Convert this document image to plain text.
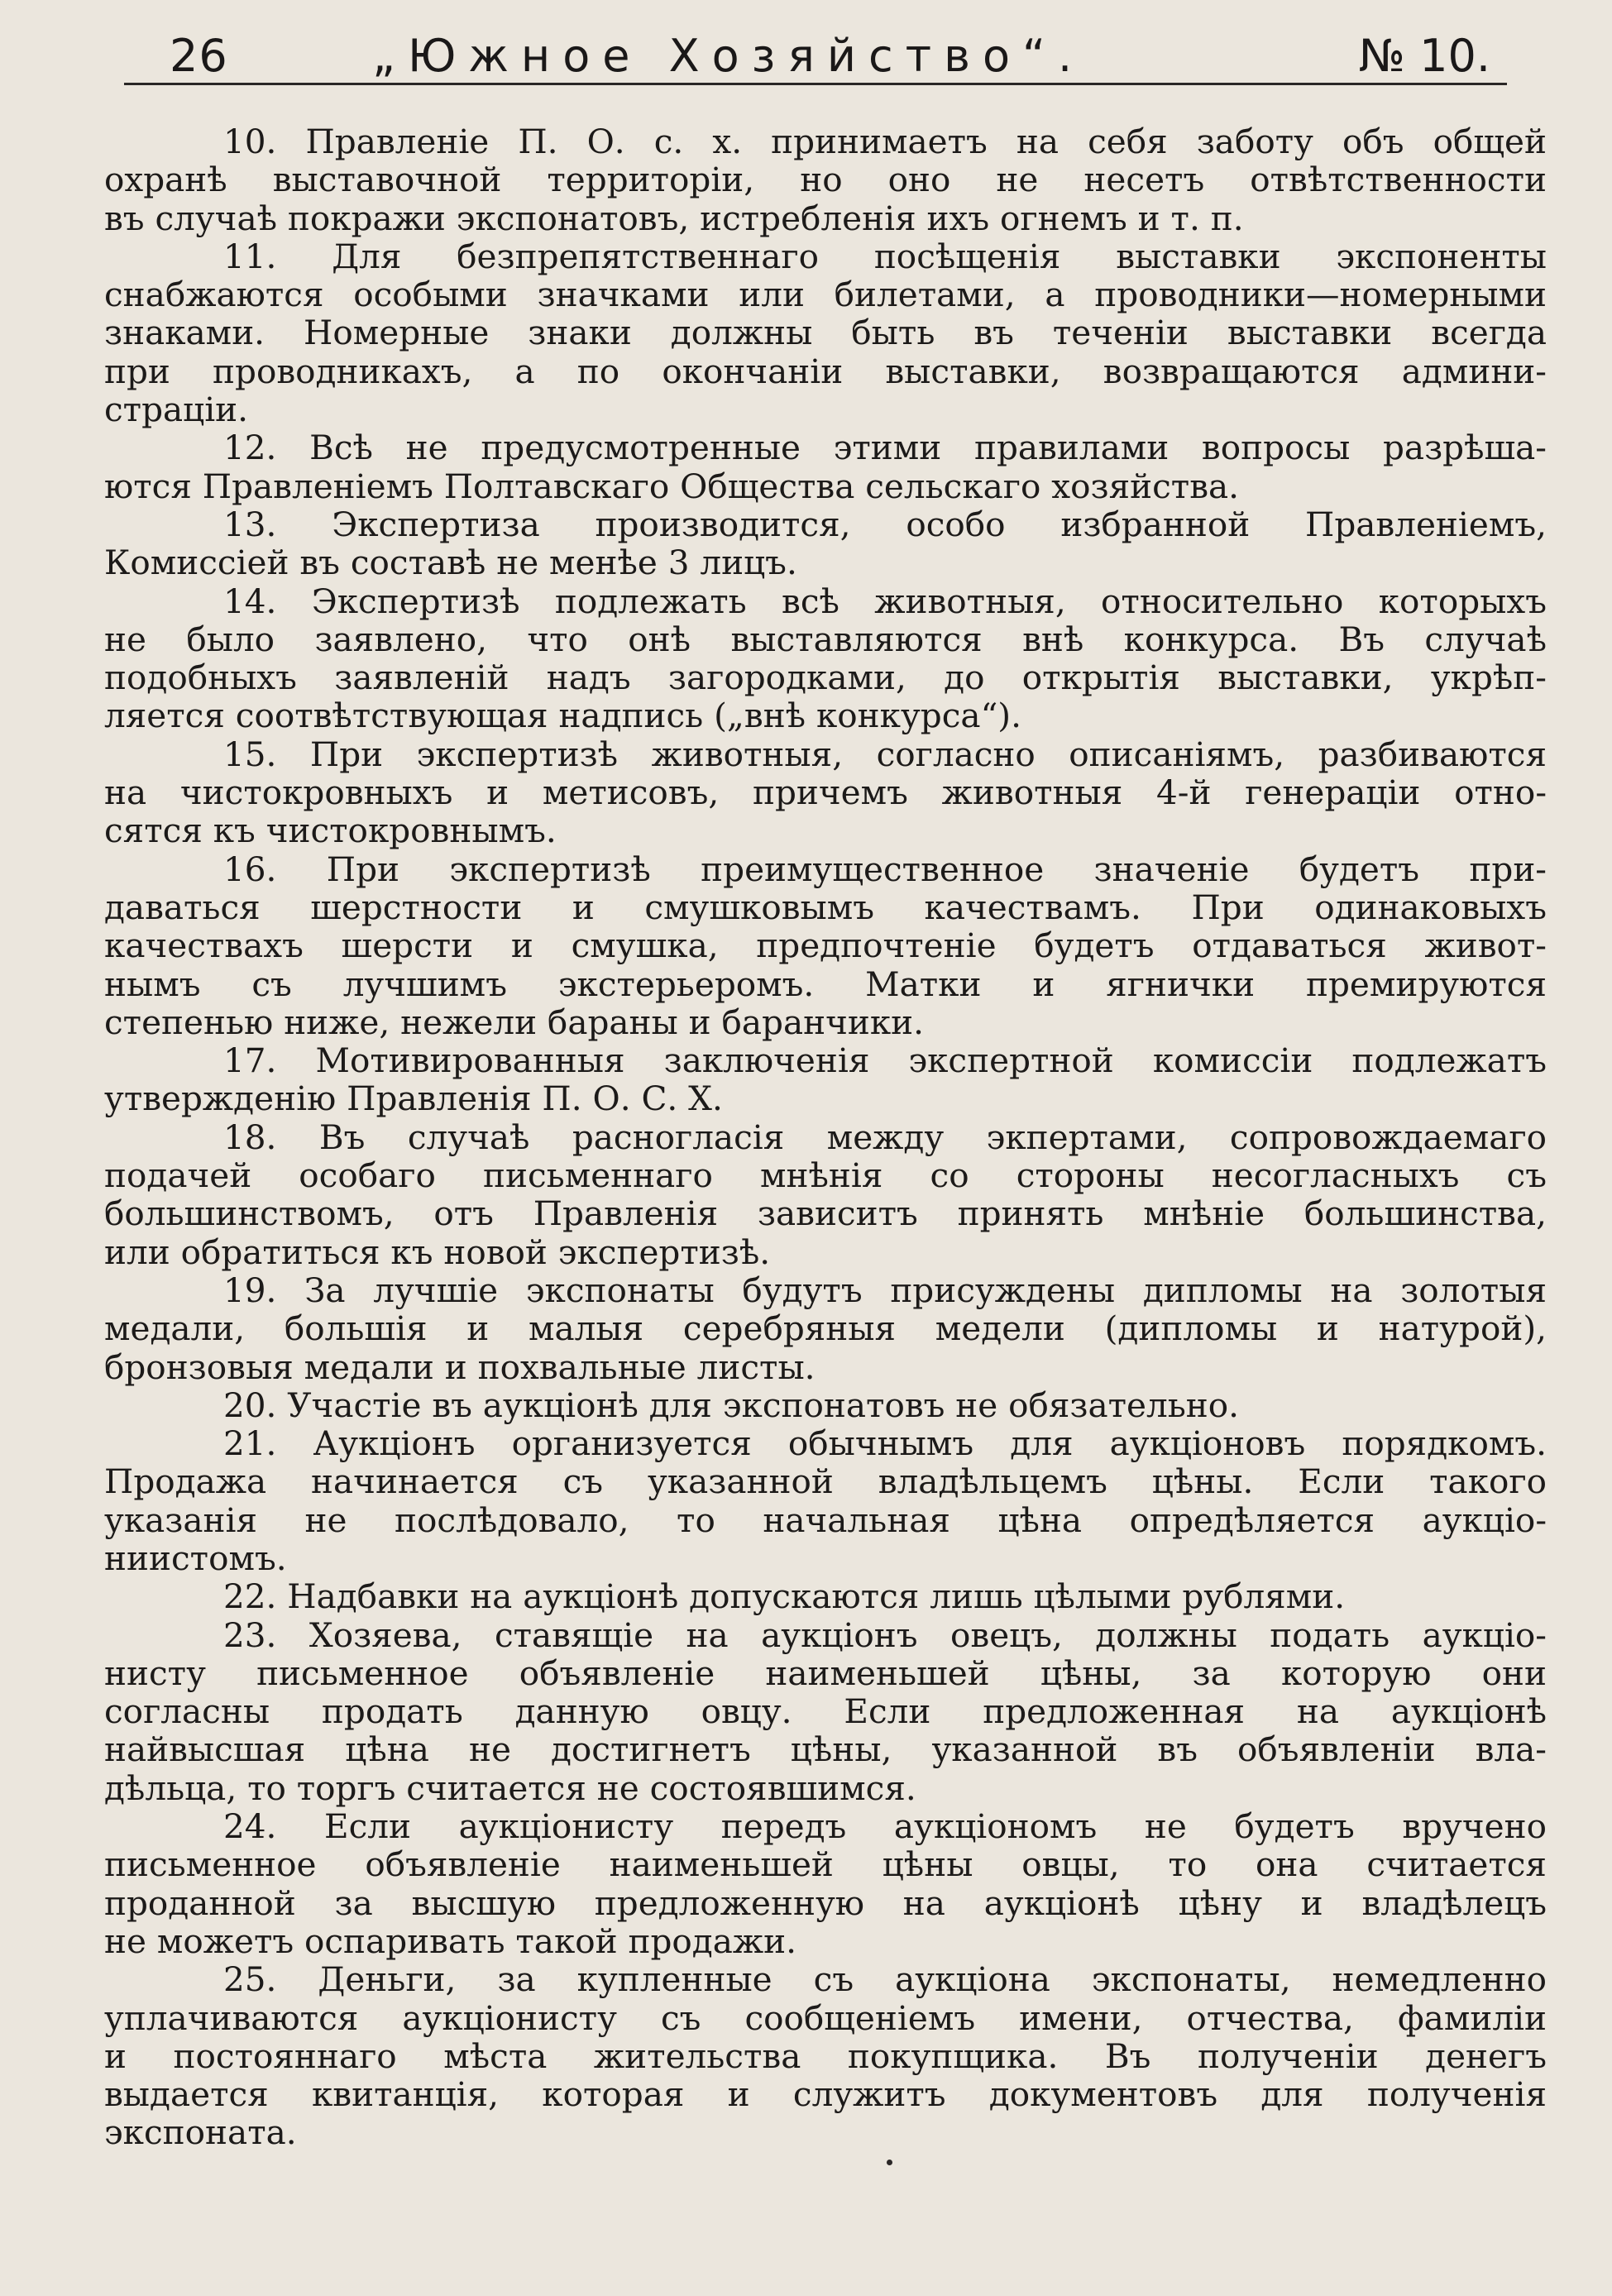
26	„Южное Хозяйство“.	№ 10.
10. Правленіе П. О. с. х. принимаетъ на себя заботу объ общей
охранѣ выставочной территоріи, но оно не несетъ отвѣтственности
въ случаѣ покражи экспонатовъ, истребленія ихъ огнемъ и т. п.
11. Для безпрепятственнаго посѣщенія выставки экспоненты
снабжаются особыми значками или билетами, а проводники—номерными
знаками. Номерные знаки должны быть въ теченіи выставки всегда
при проводникахъ, а по окончаніи выставки, возвращаются админи-
страціи.
12. Всѣ не предусмотренные этими правилами вопросы разрѣша-
ются Правленіемъ Полтавскаго Общества сельскаго хозяйства.
13. Экспертиза производится, особо избранной Правленіемъ,
Комиссіей въ составѣ не менѣе 3 лицъ.
14. Экспертизѣ подлежать всѣ животныя, относительно которыхъ
не было заявлено, что онѣ выставляются внѣ конкурса. Въ случаѣ
подобныхъ заявленій надъ загородками, до открытія выставки, укрѣп-
ляется соотвѣтствующая надпись („внѣ конкурса“).
15. При экспертизѣ животныя, согласно описаніямъ, разбиваются
на чистокровныхъ и метисовъ, причемъ животныя 4-й генераціи отно-
сятся къ чистокровнымъ.
16. При экспертизѣ преимущественное значеніе будетъ при-
даваться шерстности и смушковымъ качествамъ. При одинаковыхъ
качествахъ шерсти и смушка, предпочтеніе будетъ отдаваться живот-
нымъ съ лучшимъ экстерьеромъ. Матки и ягнички премируются
степенью ниже, нежели бараны и баранчики.
17. Мотивированныя заключенія экспертной комиссіи подлежатъ
утвержденію Правленія П. О. С. Х.
18. Въ случаѣ расногласія между экпертами, сопровождаемаго
подачей особаго письменнаго мнѣнія со стороны несогласныхъ съ
большинствомъ, отъ Правленія зависитъ принять мнѣніе большинства,
или обратиться къ новой экспертизѣ.
19. За лучшіе экспонаты будутъ присуждены дипломы на золотыя
медали, большія и малыя серебряныя медели (дипломы и натурой),
бронзовыя медали и похвальные листы.
20. Участіе въ аукціонѣ для экспонатовъ не обязательно.
21. Аукціонъ организуется обычнымъ для аукціоновъ порядкомъ.
Продажа начинается съ указанной владѣльцемъ цѣны. Если такого
указанія не послѣдовало, то начальная цѣна опредѣляется аукціо-
ниистомъ.
22. Надбавки на аукціонѣ допускаются лишь цѣлыми рублями.
23. Хозяева, ставящіе на аукціонъ овецъ, должны подать аукціо-
нисту письменное объявленіе наименьшей цѣны, за которую они
согласны продать данную овцу. Если предложенная на аукціонѣ
найвысшая цѣна не достигнетъ цѣны, указанной въ объявленіи вла-
дѣльца, то торгъ считается не состоявшимся.
24. Если аукціонисту передъ аукціономъ не будетъ вручено
письменное объявленіе наименьшей цѣны овцы, то она считается
проданной за высшую предложенную на аукціонѣ цѣну и владѣлецъ
не можетъ оспаривать такой продажи.
25. Деньги, за купленные съ аукціона экспонаты, немедленно
уплачиваются аукціонисту съ сообщеніемъ имени, отчества, фамиліи
и постояннаго мѣста жительства покупщика. Въ полученіи денегъ
выдается квитанція, которая и служитъ документовъ для полученія
экспоната.
